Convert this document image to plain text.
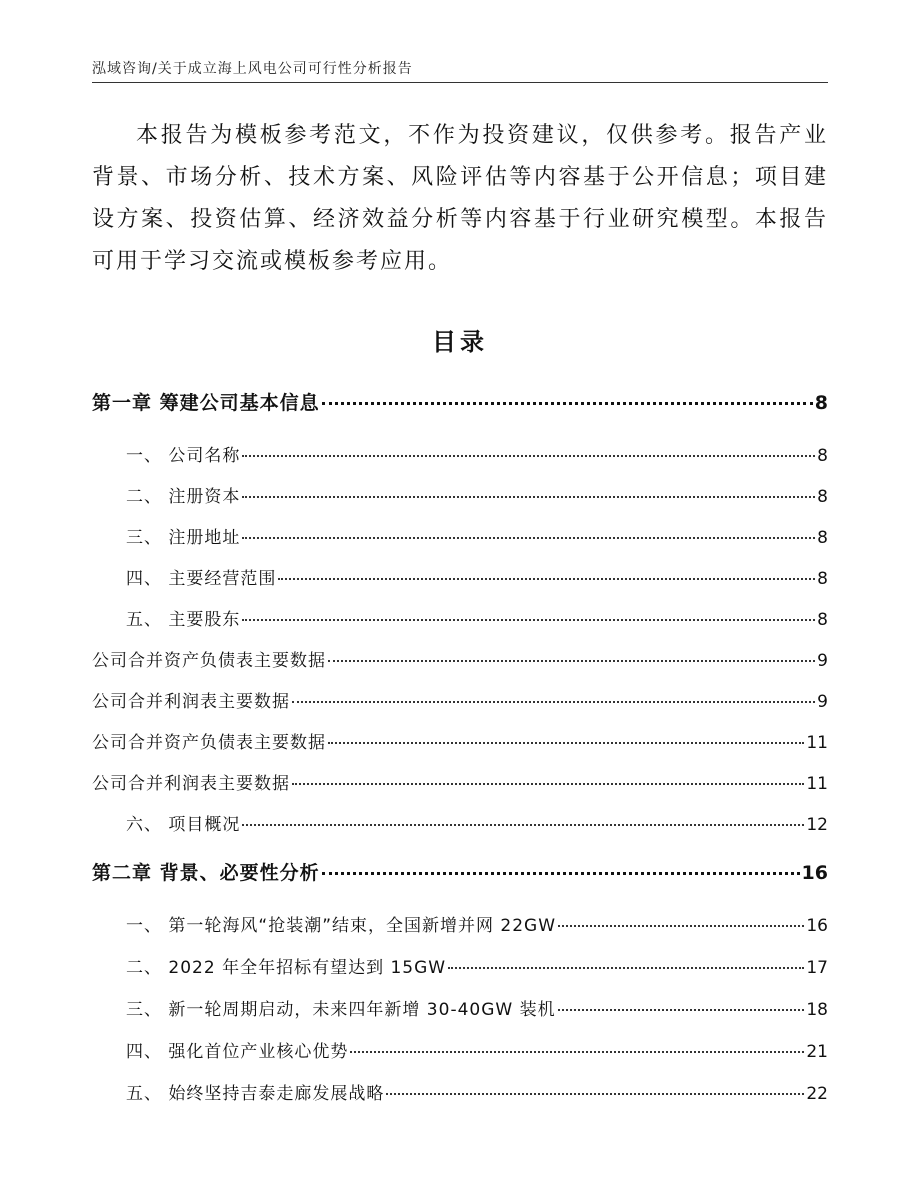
泓域咨询/关于成立海上风电公司可行性分析报告

本报告为模板参考范文，不作为投资建议，仅供参考。报告产业背景、市场分析、技术方案、风险评估等内容基于公开信息；项目建设方案、投资估算、经济效益分析等内容基于行业研究模型。本报告可用于学习交流或模板参考应用。

目录
第一章 筹建公司基本信息	8
一、 公司名称	8
二、 注册资本	8
三、 注册地址	8
四、 主要经营范围	8
五、 主要股东	8
公司合并资产负债表主要数据	9
公司合并利润表主要数据	9
公司合并资产负债表主要数据	11
公司合并利润表主要数据	11
六、 项目概况	12
第二章 背景、必要性分析	16
一、 第一轮海风“抢装潮”结束，全国新增并网 22GW	16
二、 2022 年全年招标有望达到 15GW	17
三、 新一轮周期启动，未来四年新增 30-40GW 装机	18
四、 强化首位产业核心优势	21
五、 始终坚持吉泰走廊发展战略	22
